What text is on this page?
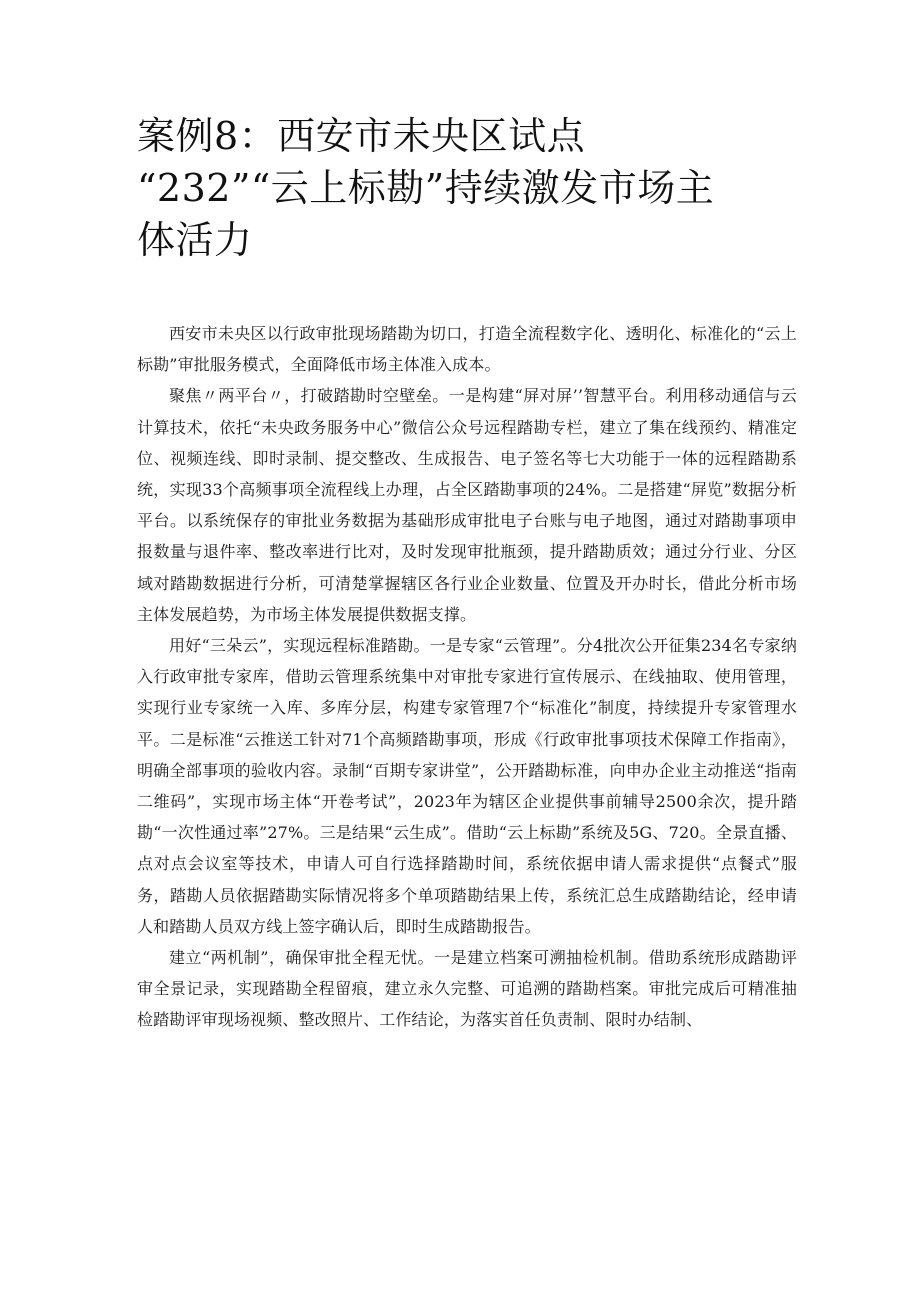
案例8：西安市未央区试点
“232”“云上标勘”持续激发市场主
体活力

西安市未央区以行政审批现场踏勘为切口，打造全流程数字化、透明化、标准化的“云上标勘”审批服务模式，全面降低市场主体准入成本。

聚焦〃两平台〃，打破踏勘时空壁垒。一是构建“屏对屏’’智慧平台。利用移动通信与云计算技术，依托“未央政务服务中心”微信公众号远程踏勘专栏，建立了集在线预约、精准定位、视频连线、即时录制、提交整改、生成报告、电子签名等七大功能于一体的远程踏勘系统，实现33个高频事项全流程线上办理，占全区踏勘事项的24%。二是搭建“屏览”数据分析平台。以系统保存的审批业务数据为基础形成审批电子台账与电子地图，通过对踏勘事项申报数量与退件率、整改率进行比对，及时发现审批瓶颈，提升踏勘质效；通过分行业、分区域对踏勘数据进行分析，可清楚掌握辖区各行业企业数量、位置及开办时长，借此分析市场主体发展趋势，为市场主体发展提供数据支撑。

用好“三朵云”，实现远程标准踏勘。一是专家“云管理”。分4批次公开征集234名专家纳入行政审批专家库，借助云管理系统集中对审批专家进行宣传展示、在线抽取、使用管理，实现行业专家统一入库、多库分层，构建专家管理7个“标准化”制度，持续提升专家管理水平。二是标准“云推送工针对71个高频踏勘事项，形成《行政审批事项技术保障工作指南》，明确全部事项的验收内容。录制“百期专家讲堂”，公开踏勘标准，向申办企业主动推送“指南二维码”，实现市场主体“开卷考试”，2023年为辖区企业提供事前辅导2500余次，提升踏勘“一次性通过率”27%。三是结果“云生成”。借助“云上标勘”系统及5G、720。全景直播、点对点会议室等技术，申请人可自行选择踏勘时间，系统依据申请人需求提供“点餐式”服务，踏勘人员依据踏勘实际情况将多个单项踏勘结果上传，系统汇总生成踏勘结论，经申请人和踏勘人员双方线上签字确认后，即时生成踏勘报告。

建立“两机制”，确保审批全程无忧。一是建立档案可溯抽检机制。借助系统形成踏勘评审全景记录，实现踏勘全程留痕，建立永久完整、可追溯的踏勘档案。审批完成后可精准抽检踏勘评审现场视频、整改照片、工作结论，为落实首任负责制、限时办结制、
